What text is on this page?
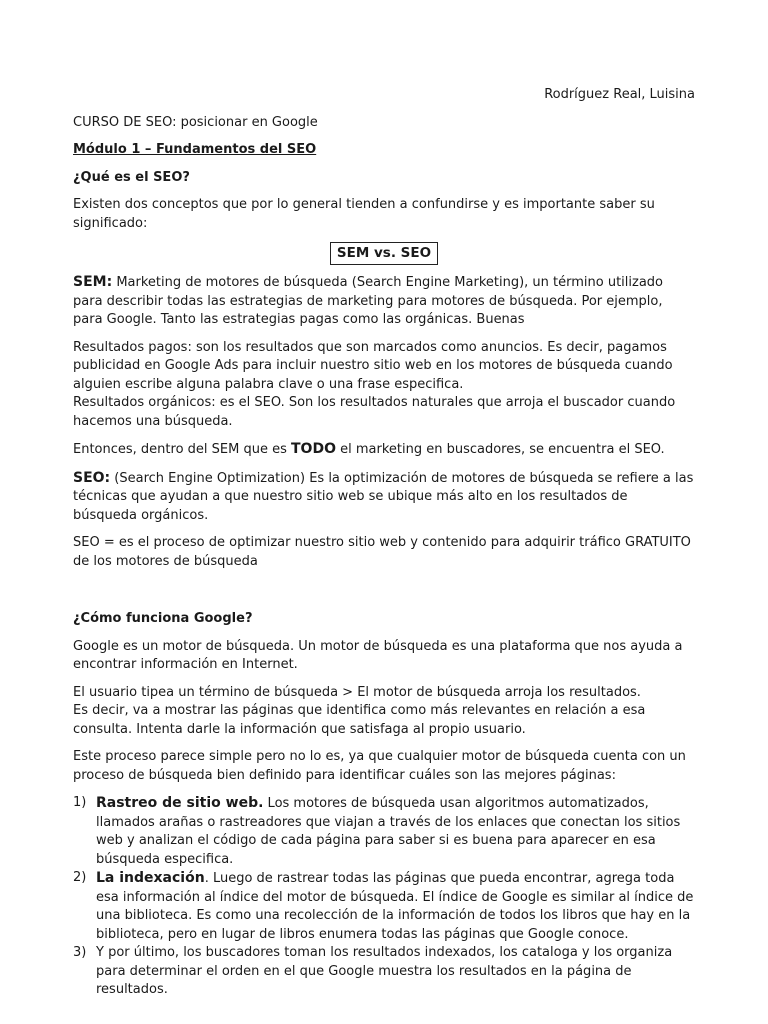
Rodríguez Real, Luisina

CURSO DE SEO: posicionar en Google

Módulo 1 – Fundamentos del SEO

¿Qué es el SEO?

Existen dos conceptos que por lo general tienden a confundirse y es importante saber su significado:

SEM vs. SEO

SEM: Marketing de motores de búsqueda (Search Engine Marketing), un término utilizado para describir todas las estrategias de marketing para motores de búsqueda. Por ejemplo, para Google. Tanto las estrategias pagas como las orgánicas. Buenas

Resultados pagos: son los resultados que son marcados como anuncios. Es decir, pagamos publicidad en Google Ads para incluir nuestro sitio web en los motores de búsqueda cuando alguien escribe alguna palabra clave o una frase especifica.
Resultados orgánicos: es el SEO. Son los resultados naturales que arroja el buscador cuando hacemos una búsqueda.

Entonces, dentro del SEM que es TODO el marketing en buscadores, se encuentra el SEO.

SEO: (Search Engine Optimization) Es la optimización de motores de búsqueda se refiere a las técnicas que ayudan a que nuestro sitio web se ubique más alto en los resultados de búsqueda orgánicos.

SEO = es el proceso de optimizar nuestro sitio web y contenido para adquirir tráfico GRATUITO de los motores de búsqueda

¿Cómo funciona Google?

Google es un motor de búsqueda. Un motor de búsqueda es una plataforma que nos ayuda a encontrar información en Internet.

El usuario tipea un término de búsqueda > El motor de búsqueda arroja los resultados.
Es decir, va a mostrar las páginas que identifica como más relevantes en relación a esa consulta. Intenta darle la información que satisfaga al propio usuario.

Este proceso parece simple pero no lo es, ya que cualquier motor de búsqueda cuenta con un proceso de búsqueda bien definido para identificar cuáles son las mejores páginas:

1) Rastreo de sitio web. Los motores de búsqueda usan algoritmos automatizados, llamados arañas o rastreadores que viajan a través de los enlaces que conectan los sitios web y analizan el código de cada página para saber si es buena para aparecer en esa búsqueda especifica.
2) La indexación. Luego de rastrear todas las páginas que pueda encontrar, agrega toda esa información al índice del motor de búsqueda. El índice de Google es similar al índice de una biblioteca. Es como una recolección de la información de todos los libros que hay en la biblioteca, pero en lugar de libros enumera todas las páginas que Google conoce.
3) Y por último, los buscadores toman los resultados indexados, los cataloga y los organiza para determinar el orden en el que Google muestra los resultados en la página de resultados.
